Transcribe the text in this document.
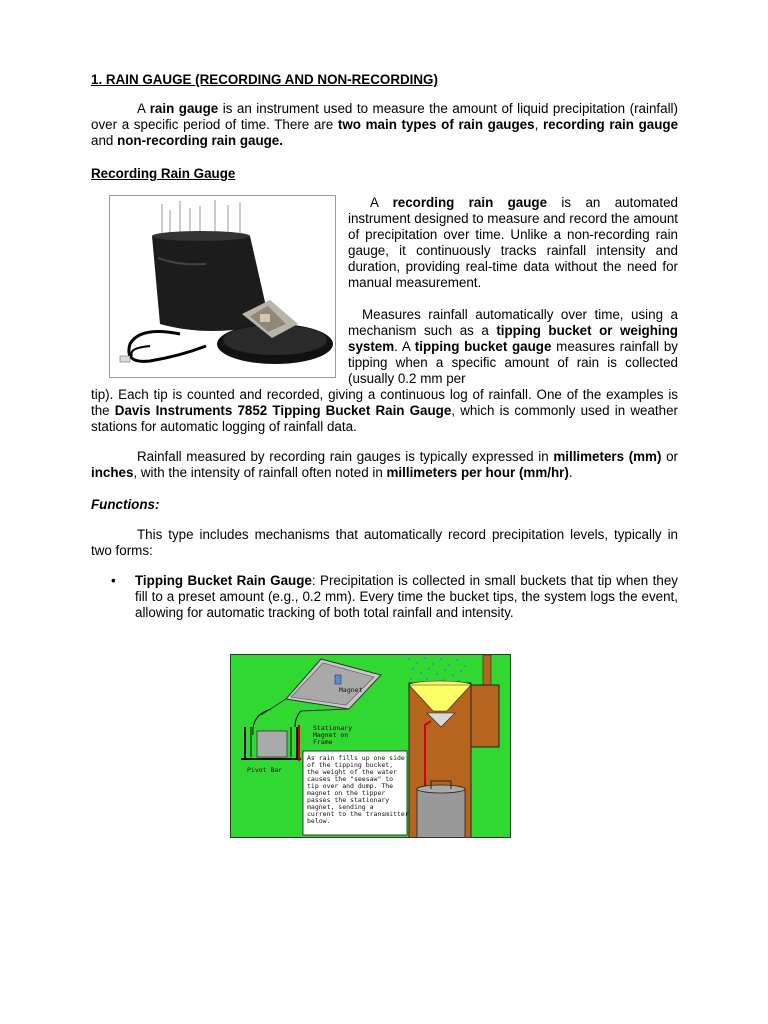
1. RAIN GAUGE (RECORDING AND NON-RECORDING)

A rain gauge is an instrument used to measure the amount of liquid precipitation (rainfall) over a specific period of time. There are two main types of rain gauges, recording rain gauge and non-recording rain gauge.

Recording Rain Gauge

A recording rain gauge is an automated instrument designed to measure and record the amount of precipitation over time. Unlike a non-recording rain gauge, it continuously tracks rainfall intensity and duration, providing real-time data without the need for manual measurement.

Measures rainfall automatically over time, using a mechanism such as a tipping bucket or weighing system. A tipping bucket gauge measures rainfall by tipping when a specific amount of rain is collected (usually 0.2 mm per

tip). Each tip is counted and recorded, giving a continuous log of rainfall. One of the examples is the Davis Instruments 7852 Tipping Bucket Rain Gauge, which is commonly used in weather stations for automatic logging of rainfall data.

Rainfall measured by recording rain gauges is typically expressed in millimeters (mm) or inches, with the intensity of rainfall often noted in millimeters per hour (mm/hr).

Functions:

This type includes mechanisms that automatically record precipitation levels, typically in two forms:

• Tipping Bucket Rain Gauge: Precipitation is collected in small buckets that tip when they fill to a preset amount (e.g., 0.2 mm). Every time the bucket tips, the system logs the event, allowing for automatic tracking of both total rainfall and intensity.

Magnet
Stationary
Magnet on
Frame
Pivot Bar
As rain fills up one side
of the tipping bucket,
the weight of the water
causes the "seesaw" to
tip over and dump. The
magnet on the tipper
passes the stationary
magnet, sending a
current to the transmitter
below.
